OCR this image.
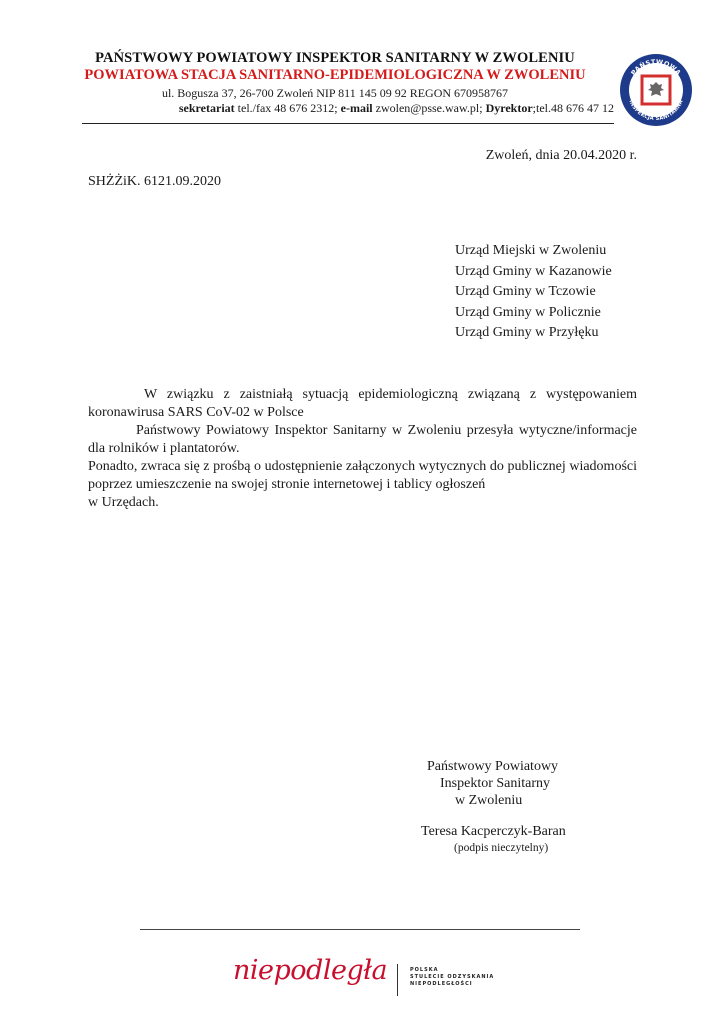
PAŃSTWOWY POWIATOWY INSPEKTOR SANITARNY W ZWOLENIU
POWIATOWA STACJA SANITARNO-EPIDEMIOLOGICZNA W ZWOLENIU
ul. Bogusza 37, 26-700 Zwoleń NIP 811 145 09 92 REGON 670958767
sekretariat tel./fax 48 676 2312; e-mail zwolen@psse.waw.pl; Dyrektor;tel.48 676 47 12
PAŃSTWOWA
INSPEKCJA SANITARNA
Zwoleń, dnia 20.04.2020 r.
SHŻŻiK. 6121.09.2020
Urząd Miejski w Zwoleniu
Urząd Gminy w Kazanowie
Urząd Gminy w Tczowie
Urząd Gminy w Policznie
Urząd Gminy w Przyłęku

W związku z zaistniałą sytuacją epidemiologiczną związaną z występowaniem koronawirusa SARS CoV-02 w Polsce

Państwowy Powiatowy Inspektor Sanitarny w Zwoleniu przesyła wytyczne/informacje dla rolników i plantatorów.

Ponadto, zwraca się z prośbą o udostępnienie załączonych wytycznych do publicznej wiadomości poprzez umieszczenie na swojej stronie internetowej i tablicy ogłoszeń

w Urzędach.

Państwowy Powiatowy
Inspektor Sanitarny
w Zwoleniu
Teresa Kacperczyk-Baran
(podpis nieczytelny)
niepodległa	POLSKA
STULECIE ODZYSKANIA
NIEPODLEGŁOŚCI
